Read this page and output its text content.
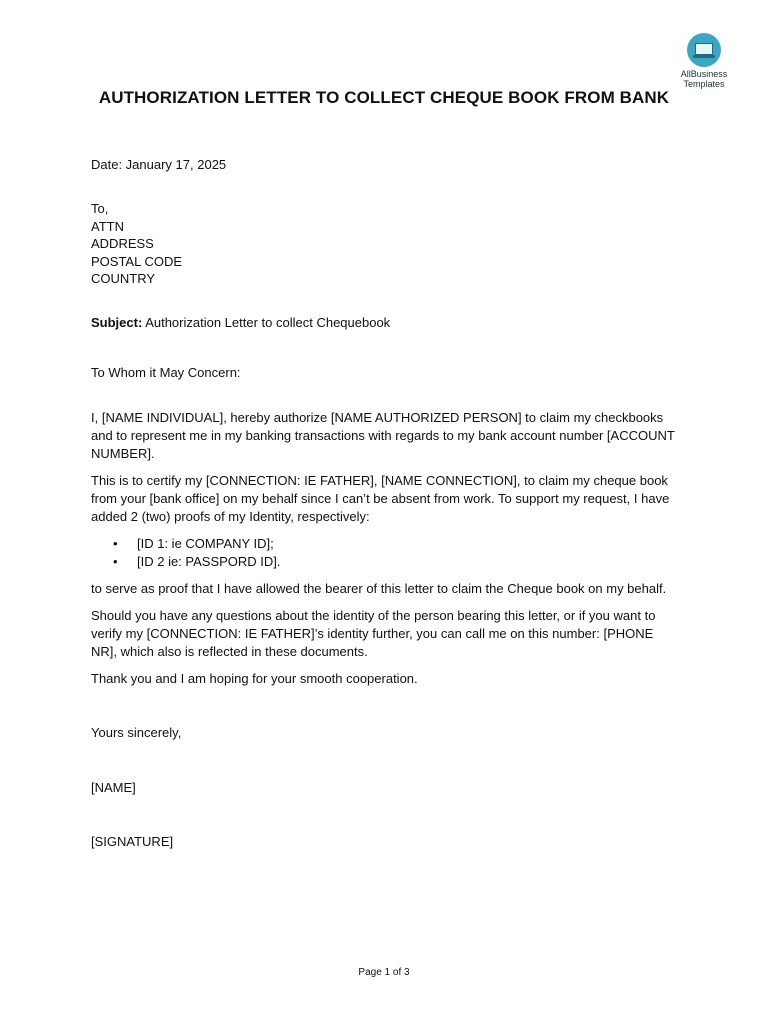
AllBusiness
Templates
AUTHORIZATION LETTER TO COLLECT CHEQUE BOOK FROM BANK
Date: January 17, 2025
To,
ATTN
ADDRESS
POSTAL CODE
COUNTRY
Subject: Authorization Letter to collect Chequebook
To Whom it May Concern:

I, [NAME INDIVIDUAL], hereby authorize [NAME AUTHORIZED PERSON] to claim my checkbooks and to represent me in my banking transactions with regards to my bank account number [ACCOUNT NUMBER].

This is to certify my [CONNECTION: IE FATHER], [NAME CONNECTION], to claim my cheque book from your [bank office] on my behalf since I can’t be absent from work. To support my request, I have added 2 (two) proofs of my Identity, respectively:

• [ID 1: ie COMPANY ID];
• [ID 2 ie: PASSPORD ID].

to serve as proof that I have allowed the bearer of this letter to claim the Cheque book on my behalf.

Should you have any questions about the identity of the person bearing this letter, or if you want to verify my [CONNECTION: IE FATHER]’s identity further, you can call me on this number: [PHONE NR], which also is reflected in these documents.

Thank you and I am hoping for your smooth cooperation.

Yours sincerely,
[NAME]
[SIGNATURE]
Page 1 of 3
